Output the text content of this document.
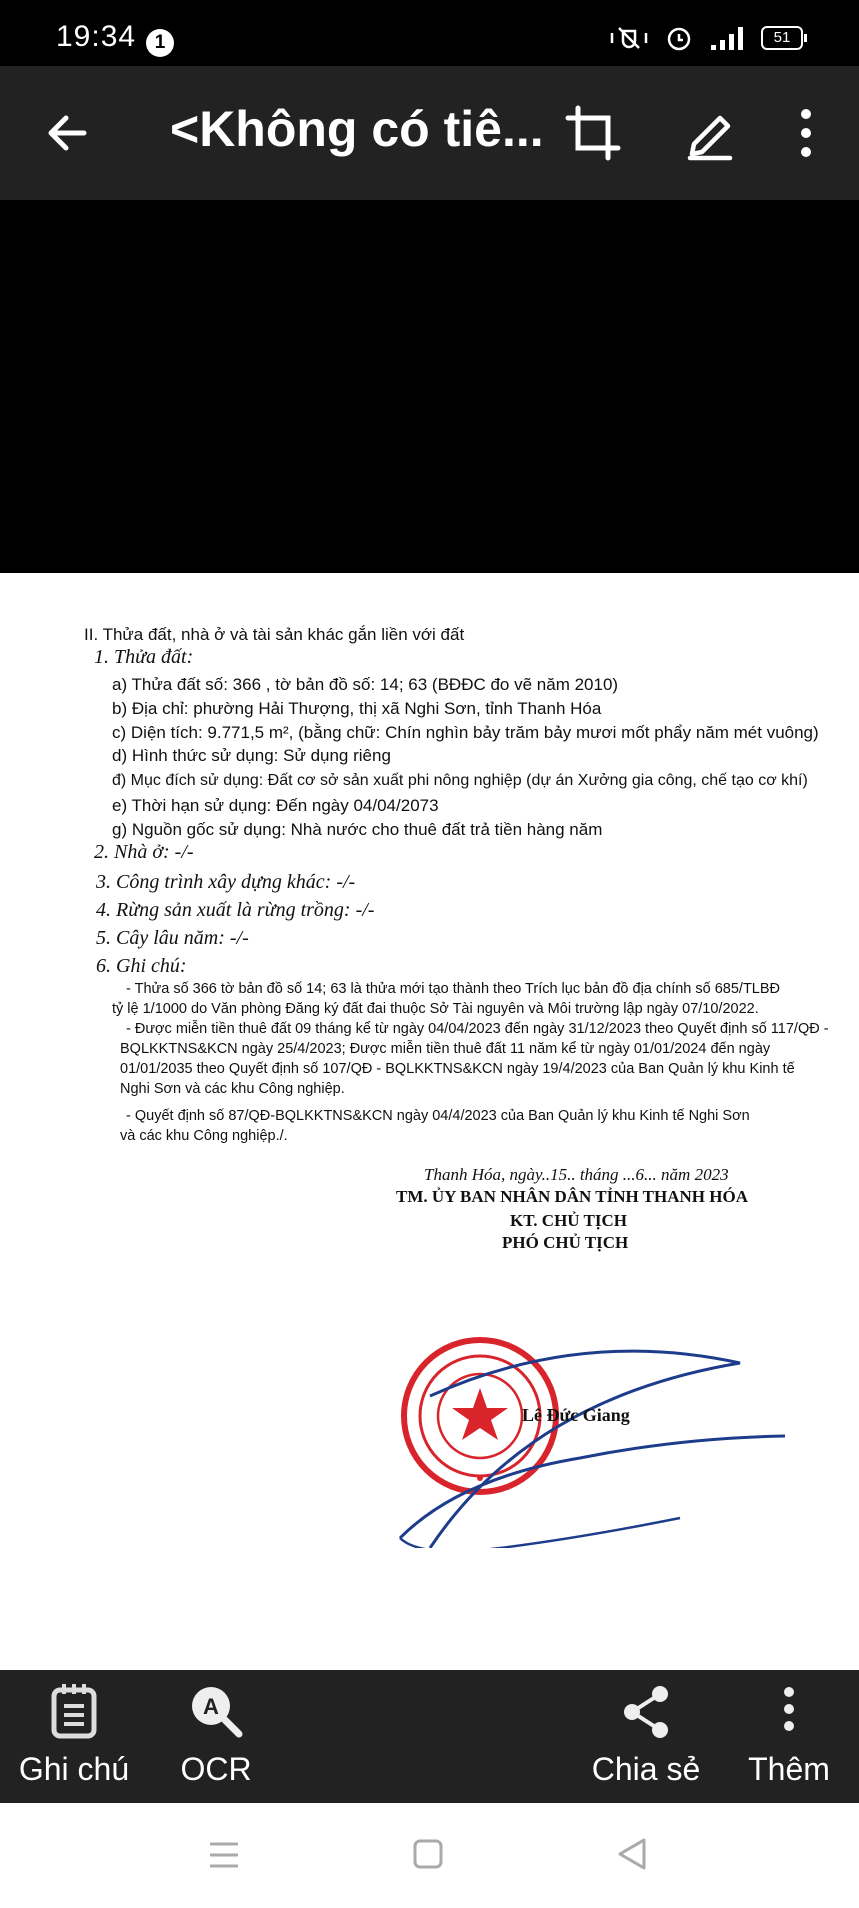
19:34 1	51
<Không có tiê...
II. Thửa đất, nhà ở và tài sản khác gắn liền với đất
1. Thửa đất:
a) Thửa đất số: 366 , tờ bản đồ số: 14; 63 (BĐĐC đo vẽ năm 2010)
b) Địa chỉ: phường Hải Thượng, thị xã Nghi Sơn, tỉnh Thanh Hóa
c) Diện tích: 9.771,5 m², (bằng chữ: Chín nghìn bảy trăm bảy mươi mốt phẩy năm mét vuông)
d) Hình thức sử dụng: Sử dụng riêng
đ) Mục đích sử dụng: Đất cơ sở sản xuất phi nông nghiệp (dự án Xưởng gia công, chế tạo cơ khí)
e) Thời hạn sử dụng: Đến ngày 04/04/2073
g) Nguồn gốc sử dụng: Nhà nước cho thuê đất trả tiền hàng năm
2. Nhà ở: -/-
3. Công trình xây dựng khác: -/-
4. Rừng sản xuất là rừng trồng: -/-
5. Cây lâu năm: -/-
6. Ghi chú:
- Thửa số 366 tờ bản đồ số 14; 63 là thửa mới tạo thành theo Trích lục bản đồ địa chính số 685/TLBĐ
tỷ lệ 1/1000 do Văn phòng Đăng ký đất đai thuộc Sở Tài nguyên và Môi trường lập ngày 07/10/2022.
- Được miễn tiền thuê đất 09 tháng kể từ ngày 04/04/2023 đến ngày 31/12/2023 theo Quyết định số 117/QĐ -
BQLKKTNS&KCN ngày 25/4/2023; Được miễn tiền thuê đất 11 năm kể từ ngày 01/01/2024 đến ngày
01/01/2035 theo Quyết định số 107/QĐ - BQLKKTNS&KCN ngày 19/4/2023 của Ban Quản lý khu Kinh tế
Nghi Sơn và các khu Công nghiệp.
- Quyết định số 87/QĐ-BQLKKTNS&KCN ngày 04/4/2023 của Ban Quản lý khu Kinh tế Nghi Sơn
và các khu Công nghiệp./.
Thanh Hóa, ngày..15.. tháng ...6... năm 2023
TM. ỦY BAN NHÂN DÂN TỈNH THANH HÓA
KT. CHỦ TỊCH
PHÓ CHỦ TỊCH
Lê Đức Giang
Ghi chú
A
OCR	Chia sẻ	Thêm
